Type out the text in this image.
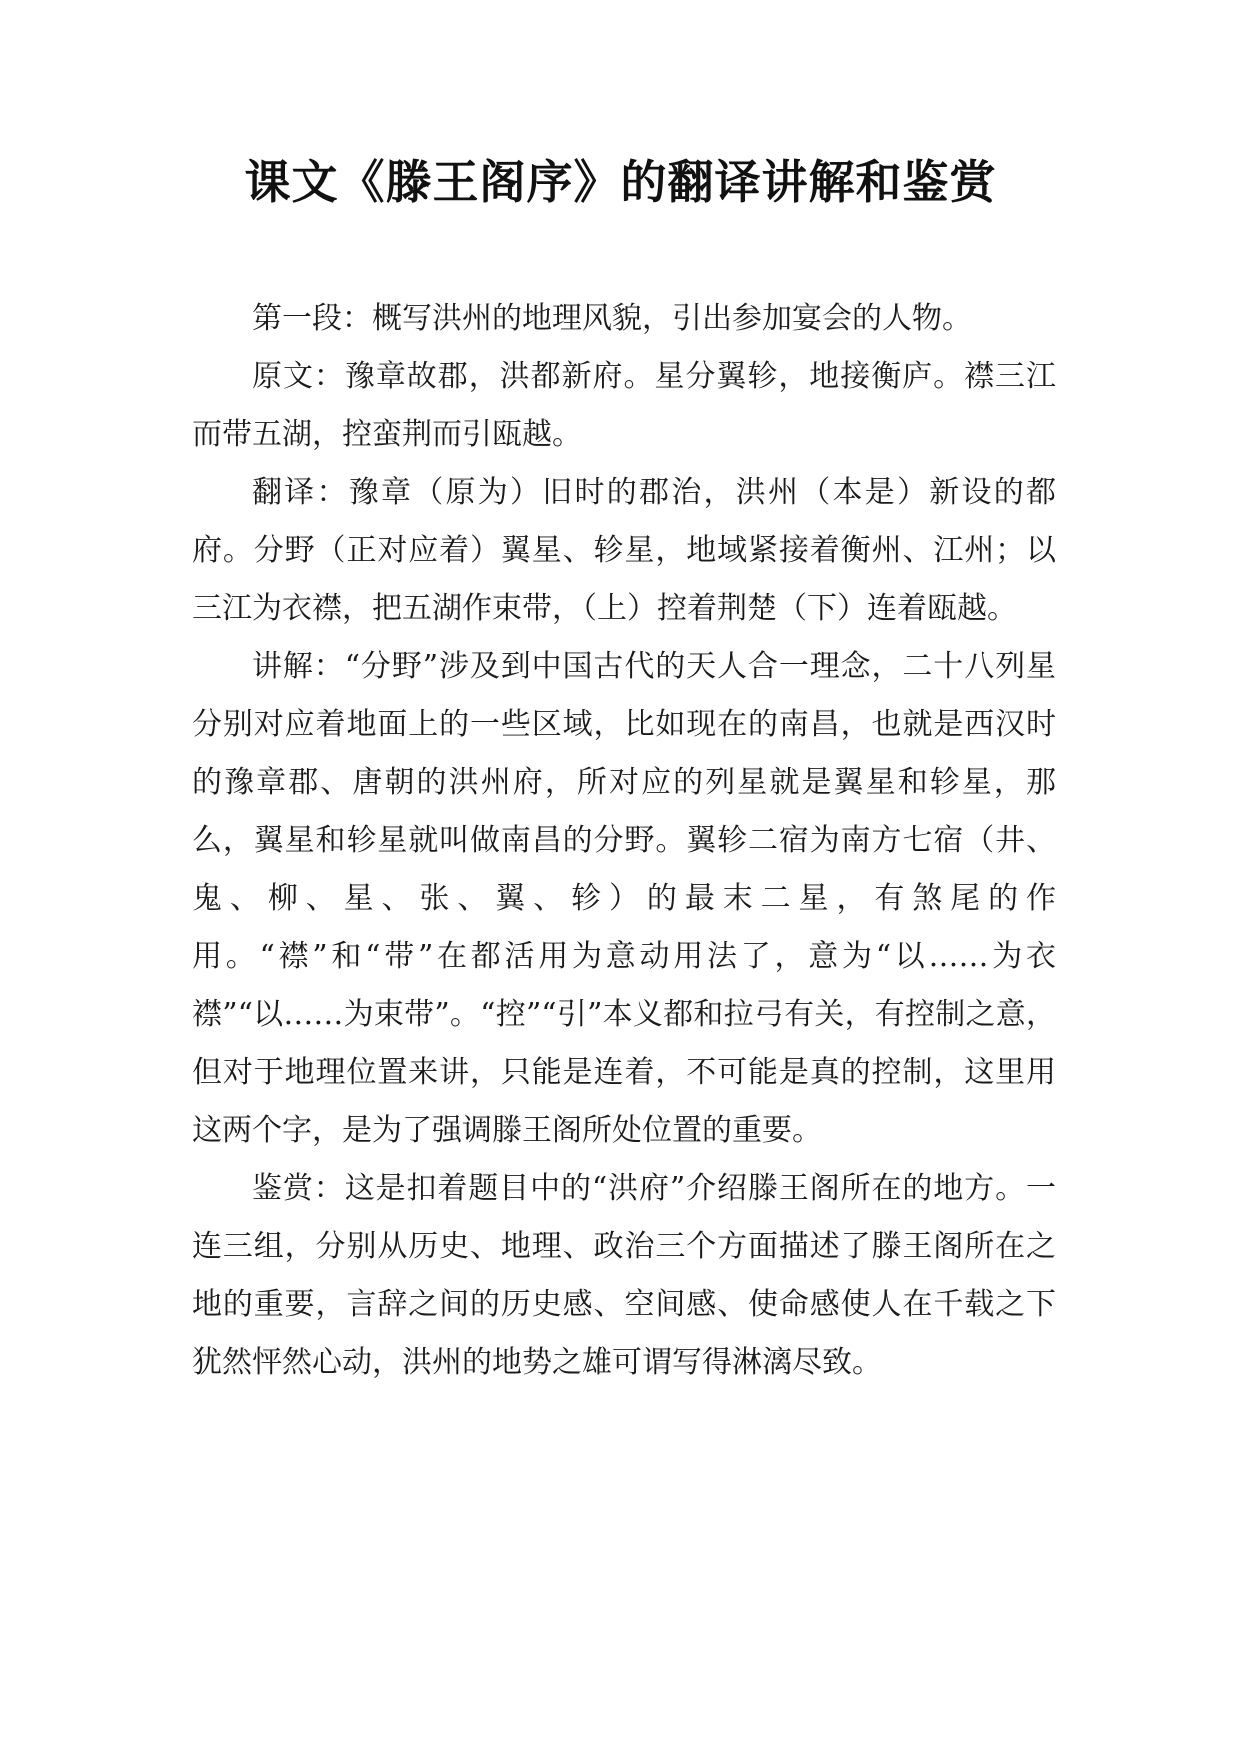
课文《滕王阁序》的翻译讲解和鉴赏

第一段：概写洪州的地理风貌，引出参加宴会的人物。

原文：豫章故郡，洪都新府。星分翼轸，地接衡庐。襟三江而带五湖，控蛮荆而引瓯越。

翻译：豫章（原为）旧时的郡治，洪州（本是）新设的都府。分野（正对应着）翼星、轸星，地域紧接着衡州、江州；以三江为衣襟，把五湖作束带，（上）控着荆楚（下）连着瓯越。

讲解：“分野”涉及到中国古代的天人合一理念，二十八列星分别对应着地面上的一些区域，比如现在的南昌，也就是西汉时的豫章郡、唐朝的洪州府，所对应的列星就是翼星和轸星，那么，翼星和轸星就叫做南昌的分野。翼轸二宿为南方七宿（井、鬼、柳、星、张、翼、轸）的最末二星，有煞尾的作用。“襟”和“带”在都活用为意动用法了，意为“以……为衣襟”“以……为束带”。“控”“引”本义都和拉弓有关，有控制之意，但对于地理位置来讲，只能是连着，不可能是真的控制，这里用这两个字，是为了强调滕王阁所处位置的重要。

鉴赏：这是扣着题目中的“洪府”介绍滕王阁所在的地方。一连三组，分别从历史、地理、政治三个方面描述了滕王阁所在之地的重要，言辞之间的历史感、空间感、使命感使人在千载之下犹然怦然心动，洪州的地势之雄可谓写得淋漓尽致。
